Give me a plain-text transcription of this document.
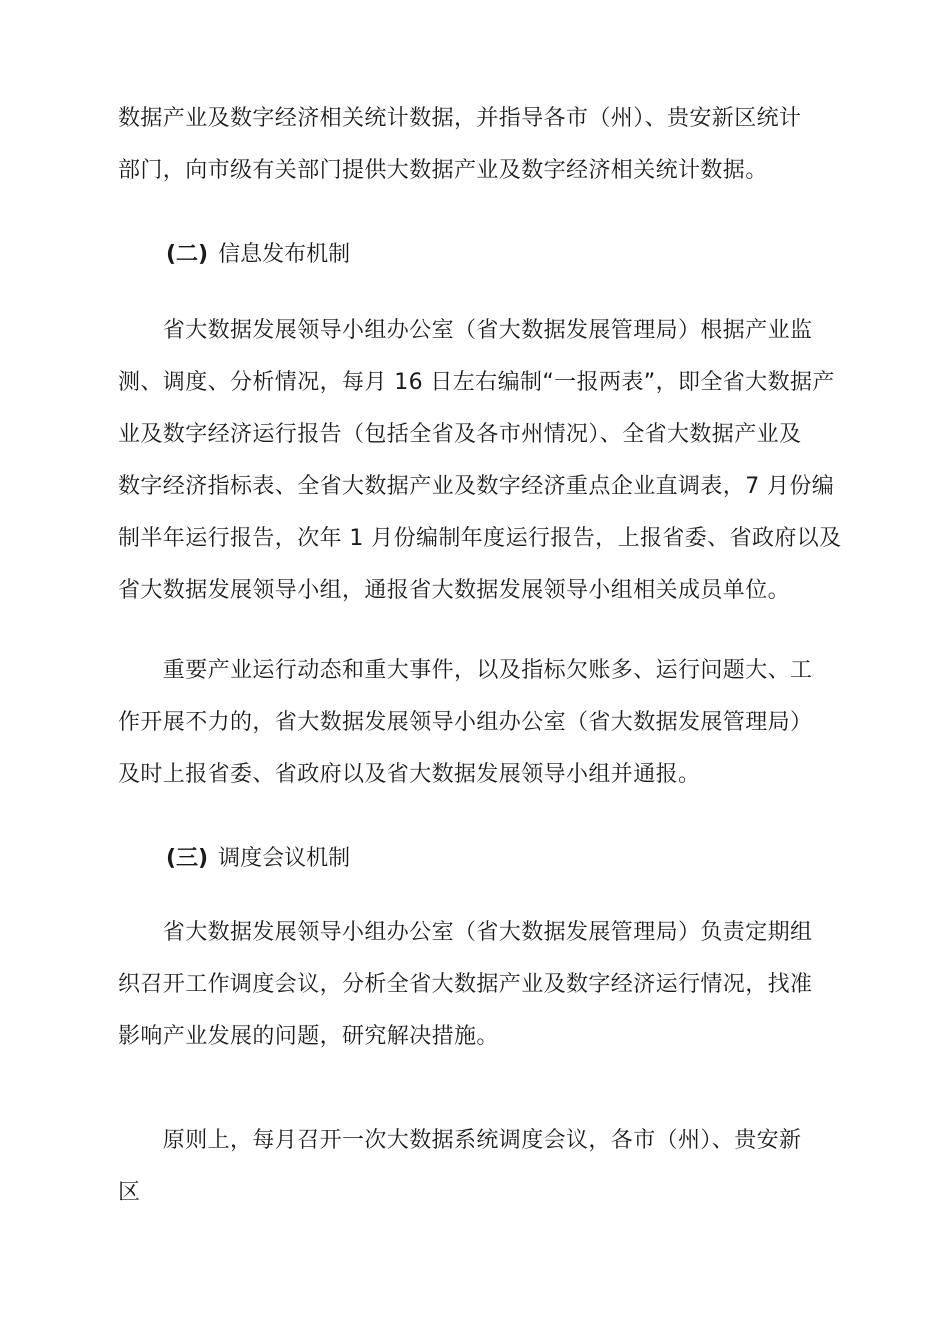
数据产业及数字经济相关统计数据，并指导各市（州）、贵安新区统计
部门，向市级有关部门提供大数据产业及数字经济相关统计数据。
(二) 信息发布机制
　　省大数据发展领导小组办公室（省大数据发展管理局）根据产业监
测、调度、分析情况，每月 16 日左右编制“一报两表”，即全省大数据产
业及数字经济运行报告（包括全省及各市州情况）、全省大数据产业及
数字经济指标表、全省大数据产业及数字经济重点企业直调表，7 月份编
制半年运行报告，次年 1 月份编制年度运行报告，上报省委、省政府以及
省大数据发展领导小组，通报省大数据发展领导小组相关成员单位。
　　重要产业运行动态和重大事件，以及指标欠账多、运行问题大、工
作开展不力的，省大数据发展领导小组办公室（省大数据发展管理局）
及时上报省委、省政府以及省大数据发展领导小组并通报。
(三) 调度会议机制
　　省大数据发展领导小组办公室（省大数据发展管理局）负责定期组
织召开工作调度会议，分析全省大数据产业及数字经济运行情况，找准
影响产业发展的问题，研究解决措施。
　　原则上，每月召开一次大数据系统调度会议，各市（州）、贵安新
区
